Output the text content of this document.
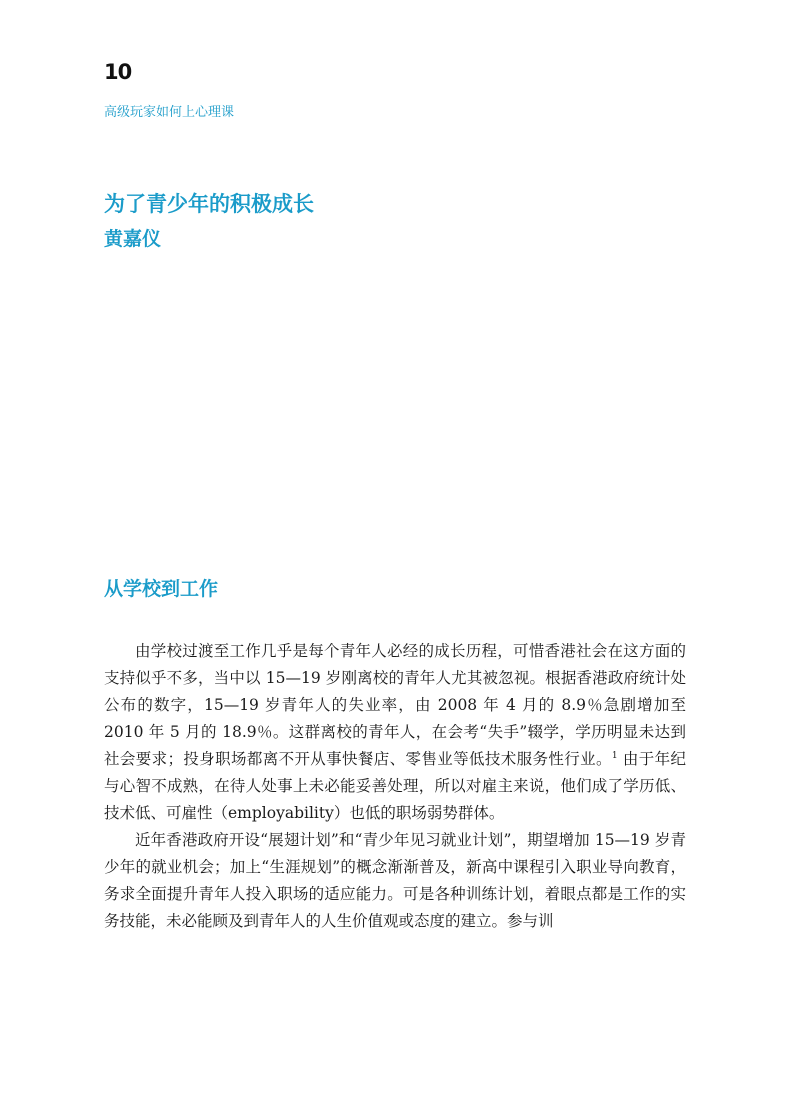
10
高级玩家如何上心理课
为了青少年的积极成长
黄嘉仪
从学校到工作

由学校过渡至工作几乎是每个青年人必经的成长历程，可惜香港社会在这方面的支持似乎不多，当中以 15—19 岁刚离校的青年人尤其被忽视。根据香港政府统计处公布的数字，15—19 岁青年人的失业率，由 2008 年 4 月的 8.9％急剧增加至 2010 年 5 月的 18.9％。这群离校的青年人，在会考“失手”辍学，学历明显未达到社会要求；投身职场都离不开从事快餐店、零售业等低技术服务性行业。$^1$ 由于年纪与心智不成熟，在待人处事上未必能妥善处理，所以对雇主来说，他们成了学历低、技术低、可雇性（employability）也低的职场弱势群体。

近年香港政府开设“展翅计划”和“青少年见习就业计划”，期望增加 15—19 岁青少年的就业机会；加上“生涯规划”的概念渐渐普及，新高中课程引入职业导向教育，务求全面提升青年人投入职场的适应能力。可是各种训练计划，着眼点都是工作的实务技能，未必能顾及到青年人的人生价值观或态度的建立。参与训
